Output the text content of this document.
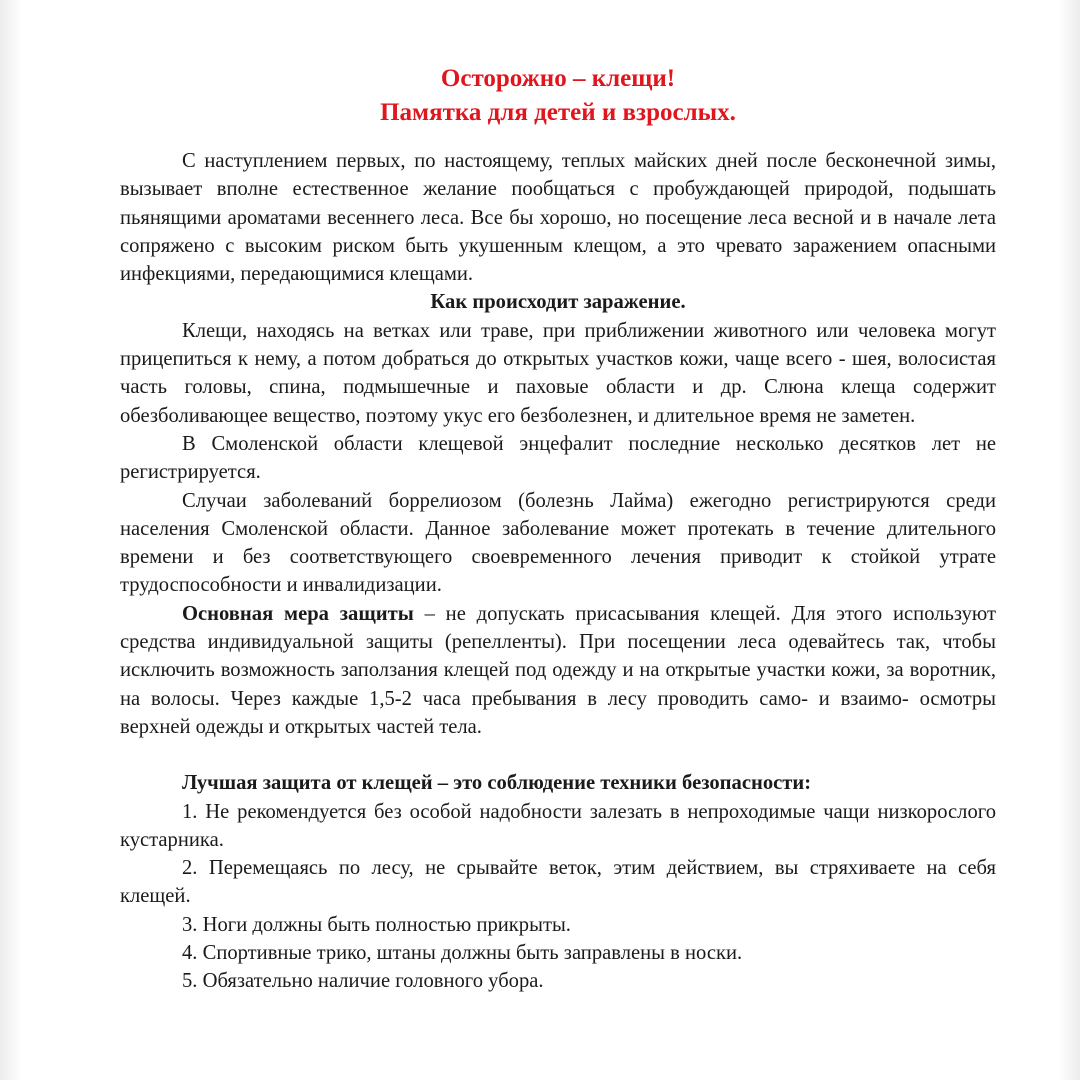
Осторожно – клещи!
Памятка для детей и взрослых.

С наступлением первых, по настоящему, теплых майских дней после бесконечной зимы, вызывает вполне естественное желание пообщаться с пробуждающей природой, подышать пьянящими ароматами весеннего леса. Все бы хорошо, но посещение леса весной и в начале лета сопряжено с высоким риском быть укушенным клещом, а это чревато заражением опасными инфекциями, передающимися клещами.

Как происходит заражение.

Клещи, находясь на ветках или траве, при приближении животного или человека могут прицепиться к нему, а потом добраться до открытых участков кожи, чаще всего - шея, волосистая часть головы, спина, подмышечные и паховые области и др. Слюна клеща содержит обезболивающее вещество, поэтому укус его безболезнен, и длительное время не заметен.

В Смоленской области клещевой энцефалит последние несколько десятков лет не регистрируется.

Случаи заболеваний боррелиозом (болезнь Лайма) ежегодно регистрируются среди населения Смоленской области. Данное заболевание может протекать в течение длительного времени и без соответствующего своевременного лечения приводит к стойкой утрате трудоспособности и инвалидизации.

Основная мера защиты – не допускать присасывания клещей. Для этого используют средства индивидуальной защиты (репелленты). При посещении леса одевайтесь так, чтобы исключить возможность заползания клещей под одежду и на открытые участки кожи, за воротник, на волосы. Через каждые 1,5-2 часа пребывания в лесу проводить само- и взаимо- осмотры верхней одежды и открытых частей тела.

Лучшая защита от клещей – это соблюдение техники безопасности:

1. Не рекомендуется без особой надобности залезать в непроходимые чащи низкорослого кустарника.

2. Перемещаясь по лесу, не срывайте веток, этим действием, вы стряхиваете на себя клещей.

3. Ноги должны быть полностью прикрыты.

4. Спортивные трико, штаны должны быть заправлены в носки.

5. Обязательно наличие головного убора.
